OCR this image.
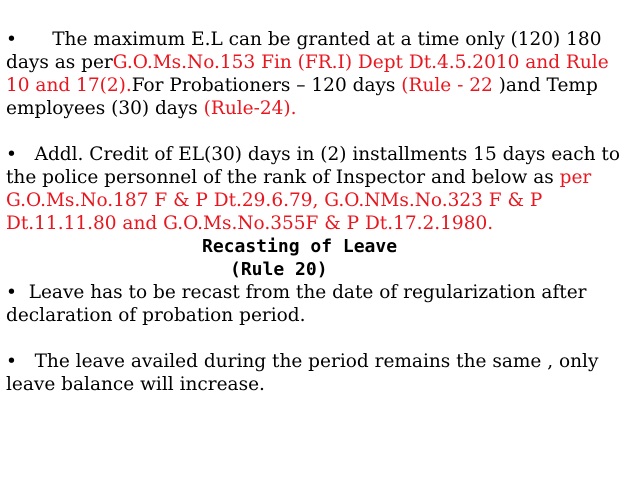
• The maximum E.L can be granted at a time only (120) 180 days as perG.O.Ms.No.153 Fin (FR.I) Dept Dt.4.5.2010 and Rule 10 and 17(2).For Probationers – 120 days (Rule - 22 )and Temp employees (30) days (Rule-24).

• Addl. Credit of EL(30) days in (2) installments 15 days each to the police personnel of the rank of Inspector and below as per G.O.Ms.No.187 F & P Dt.29.6.79, G.O.NMs.No.323 F & P Dt.11.11.80 and G.O.Ms.No.355F & P Dt.17.2.1980.

Recasting of Leave

(Rule 20)

• Leave has to be recast from the date of regularization after declaration of probation period.

• The leave availed during the period remains the same , only leave balance will increase.
